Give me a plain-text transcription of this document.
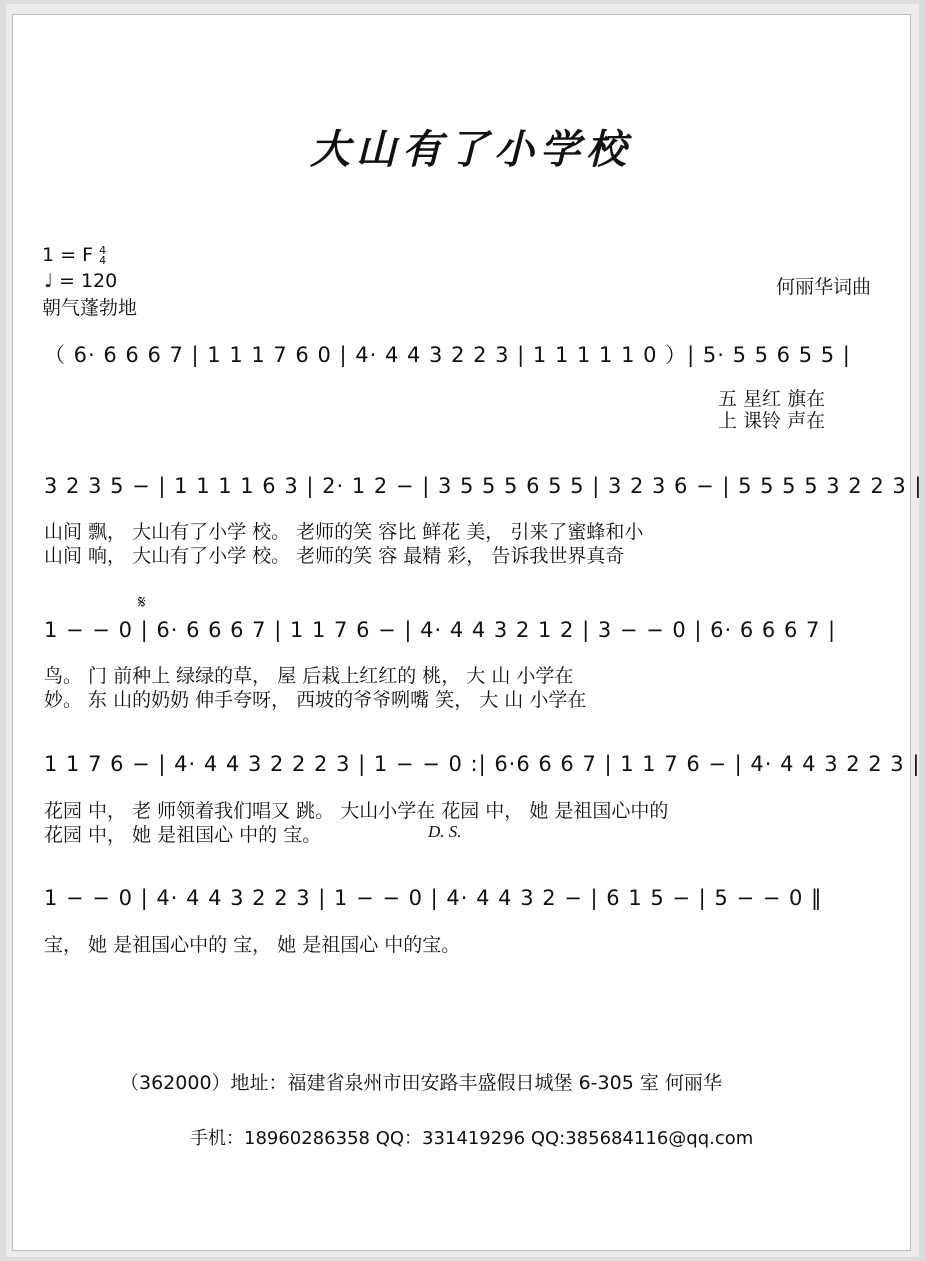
大山有了小学校
1 = F 4
4
♩ = 120
朝气蓬勃地
何丽华词曲
（ 6· 6 6 6 7 | 1 1 1 7 6 0 | 4· 4 4 3 2 2 3 | 1 1 1 1 1 0 ）| 5· 5 5 6 5 5 |
五 星红 旗在
上 课铃 声在
3 2 3 5 − | 1 1 1 1 6 3 | 2· 1 2 − | 3 5 5 5 6 5 5 | 3 2 3 6 − | 5 5 5 5 3 2 2 3 |
山间 飘， 大山有了小学 校。 老师的笑 容比 鲜花 美， 引来了蜜蜂和小
山间 响， 大山有了小学 校。 老师的笑 容 最精 彩， 告诉我世界真奇
𝄋
1 − − 0 | 6· 6 6 6 7 | 1 1 7 6 − | 4· 4 4 3 2 1 2 | 3 − − 0 | 6· 6 6 6 7 |
鸟。 门 前种上 绿绿的草， 屋 后栽上红红的 桃， 大 山 小学在
妙。 东 山的奶奶 伸手夸呀， 西坡的爷爷咧嘴 笑， 大 山 小学在
1 1 7 6 − | 4· 4 4 3 2 2 2 3 | 1 − − 0 :| 6·6 6 6 7 | 1 1 7 6 − | 4· 4 4 3 2 2 3 |
花园 中， 老 师领着我们唱又 跳。 大山小学在 花园 中， 她 是祖国心中的
花园 中， 她 是祖国心 中的 宝。	D. S.
1 − − 0 | 4· 4 4 3 2 2 3 | 1 − − 0 | 4· 4 4 3 2 − | 6 1 5 − | 5 − − 0 ‖
宝， 她 是祖国心中的 宝， 她 是祖国心 中的宝。
（362000）地址：福建省泉州市田安路丰盛假日城堡 6-305 室 何丽华
手机：18960286358 QQ：331419296 QQ:385684116@qq.com
